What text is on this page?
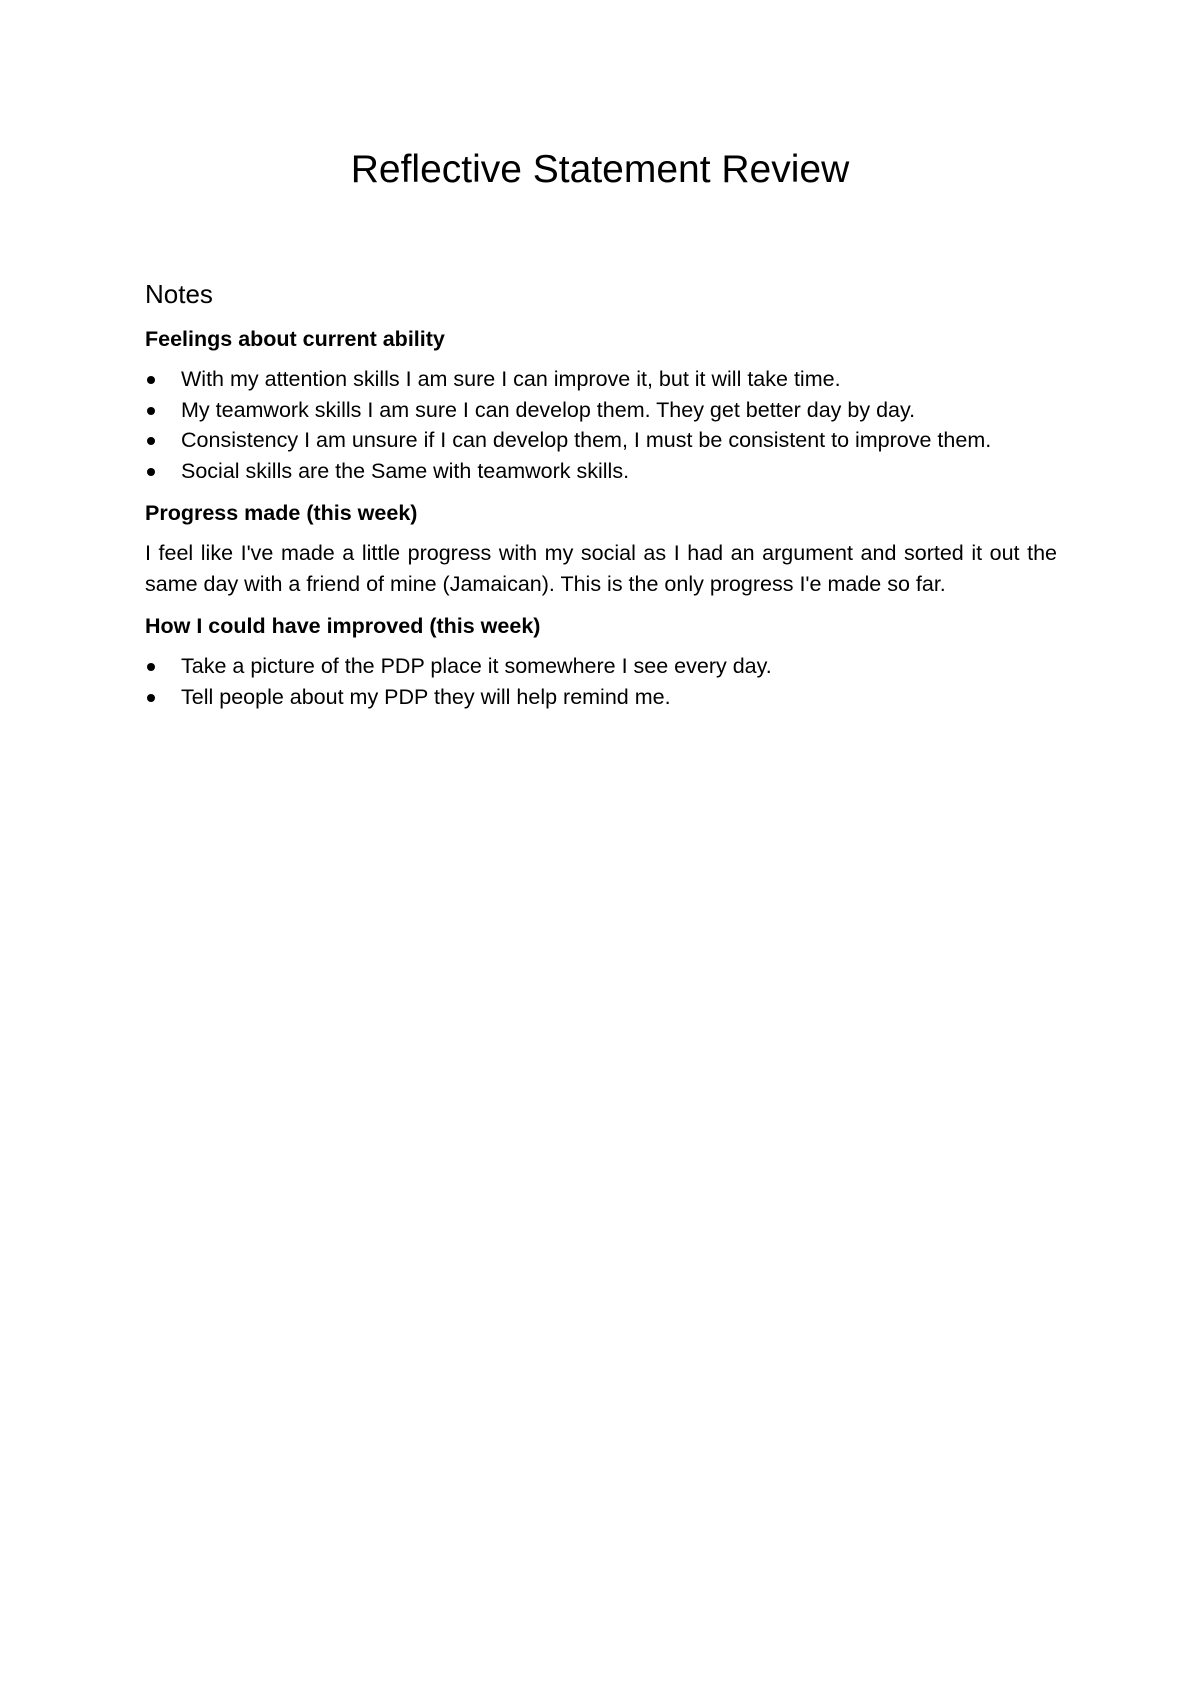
Reflective Statement Review
Notes
Feelings about current ability
With my attention skills I am sure I can improve it, but it will take time.
My teamwork skills I am sure I can develop them. They get better day by day.
Consistency I am unsure if I can develop them, I must be consistent to improve them.
Social skills are the Same with teamwork skills.
Progress made (this week)

I feel like I've made a little progress with my social as I had an argument and sorted it out the same day with a friend of mine (Jamaican). This is the only progress I'e made so far.

How I could have improved (this week)
Take a picture of the PDP place it somewhere I see every day.
Tell people about my PDP they will help remind me.
